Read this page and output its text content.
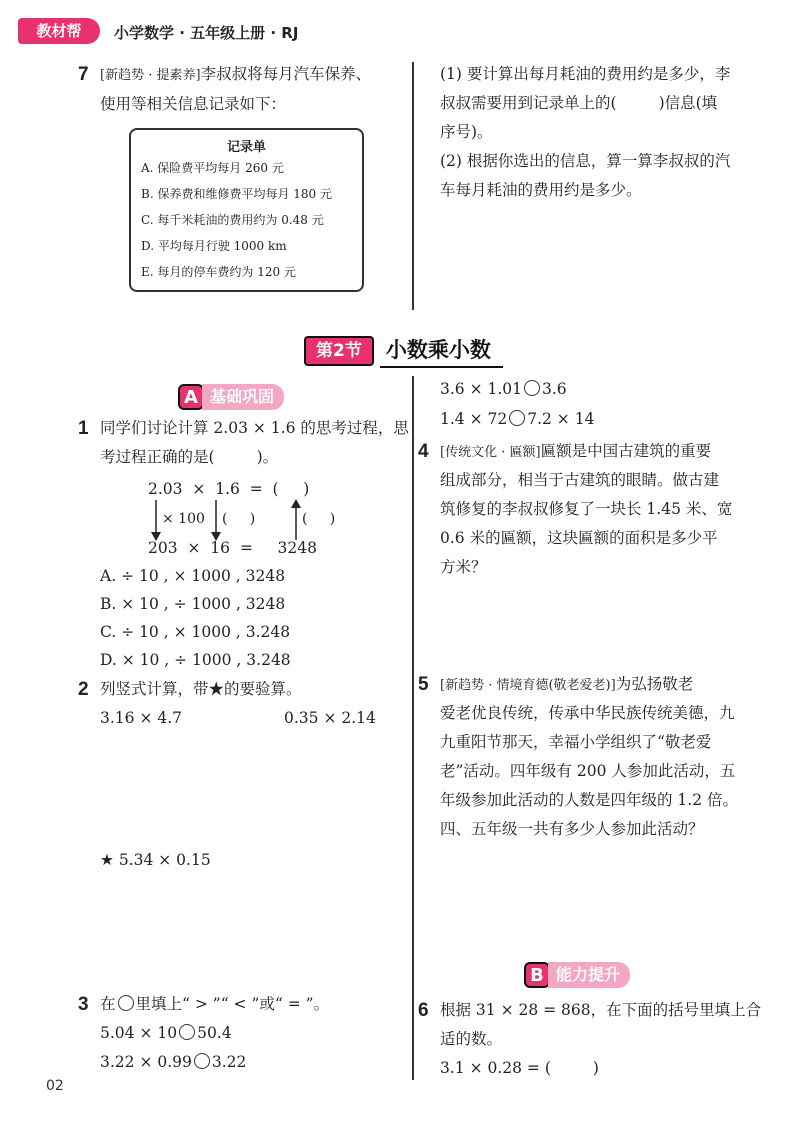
教材帮	小学数学 · 五年级上册 · RJ
7 [新趋势 · 提素养]李叔叔将每月汽车保养、
使用等相关信息记录如下：
记录单
A. 保险费平均每月 260 元
B. 保养费和维修费平均每月 180 元
C. 每千米耗油的费用约为 0.48 元
D. 平均每月行驶 1000 km
E. 每月的停车费约为 120 元
(1) 要计算出每月耗油的费用约是多少，李
叔叔需要用到记录单上的(	)信息(填
序号)。
(2) 根据你选出的信息，算一算李叔叔的汽
车每月耗油的费用约是多少。
第2节	小数乘小数
A 基础巩固
1 同学们讨论计算 2.03 × 1.6 的思考过程，思
考过程正确的是(	)。
2.03  ×  1.6  =  (     )
× 100 (     )	(     )
203  ×  16  =     3248
A. ÷ 10 , × 1000 , 3248
B. × 10 , ÷ 1000 , 3248
C. ÷ 10 , × 1000 , 3.248
D. × 10 , ÷ 1000 , 3.248
2 列竖式计算，带★的要验算。
3.16 × 4.7	0.35 × 2.14
★ 5.34 × 0.15
3 在 里填上“ > ”“ < ”或“ = ”。
5.04 × 10 50.4
3.22 × 0.99 3.22
3.6 × 1.01 3.6
1.4 × 72 7.2 × 14
4 [传统文化 · 匾额]匾额是中国古建筑的重要
组成部分，相当于古建筑的眼睛。做古建
筑修复的李叔叔修复了一块长 1.45 米、宽
0.6 米的匾额，这块匾额的面积是多少平
方米？
5 [新趋势 · 情境育德(敬老爱老)]为弘扬敬老
爱老优良传统，传承中华民族传统美德，九
九重阳节那天，幸福小学组织了“敬老爱
老”活动。四年级有 200 人参加此活动，五
年级参加此活动的人数是四年级的 1.2 倍。
四、五年级一共有多少人参加此活动？
B 能力提升
6 根据 31 × 28 = 868，在下面的括号里填上合
适的数。
3.1 × 0.28 = (	)
02
